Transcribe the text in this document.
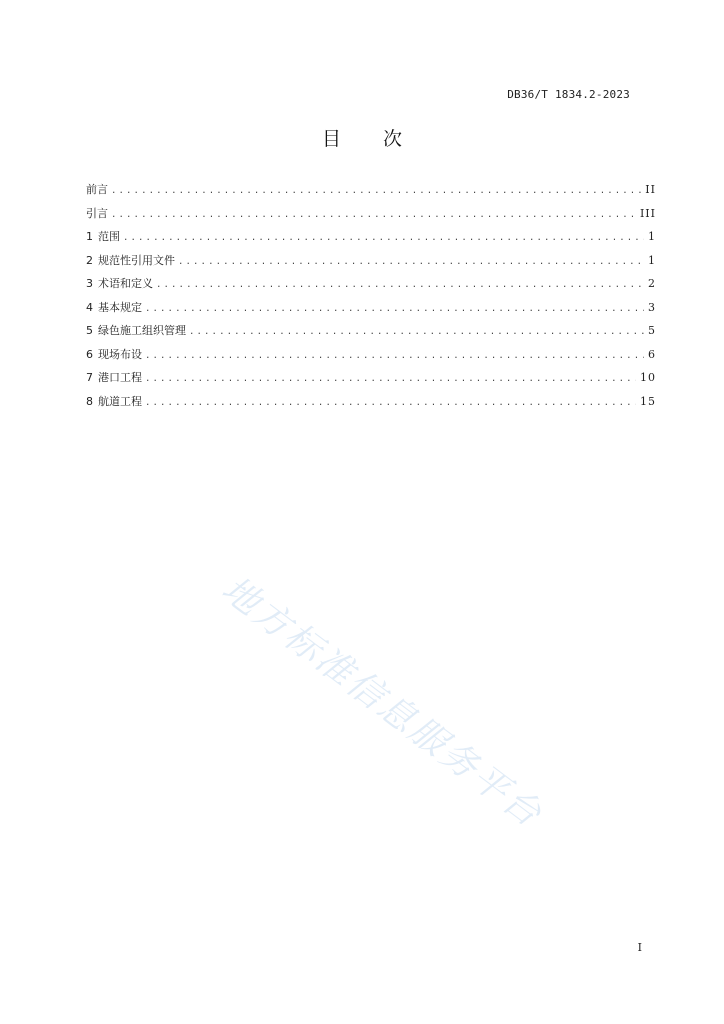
DB36/T 1834.2-2023
目 次
前言 .....	II
引言 .....	III
1 范围 .....	1
2 规范性引用文件 .....	1
3 术语和定义 .....	2
4 基本规定 .....	3
5 绿色施工组织管理 .....	5
6 现场布设 .....	6
7 港口工程 .....	10
8 航道工程 .....	15
地方标准信息服务平台
I
